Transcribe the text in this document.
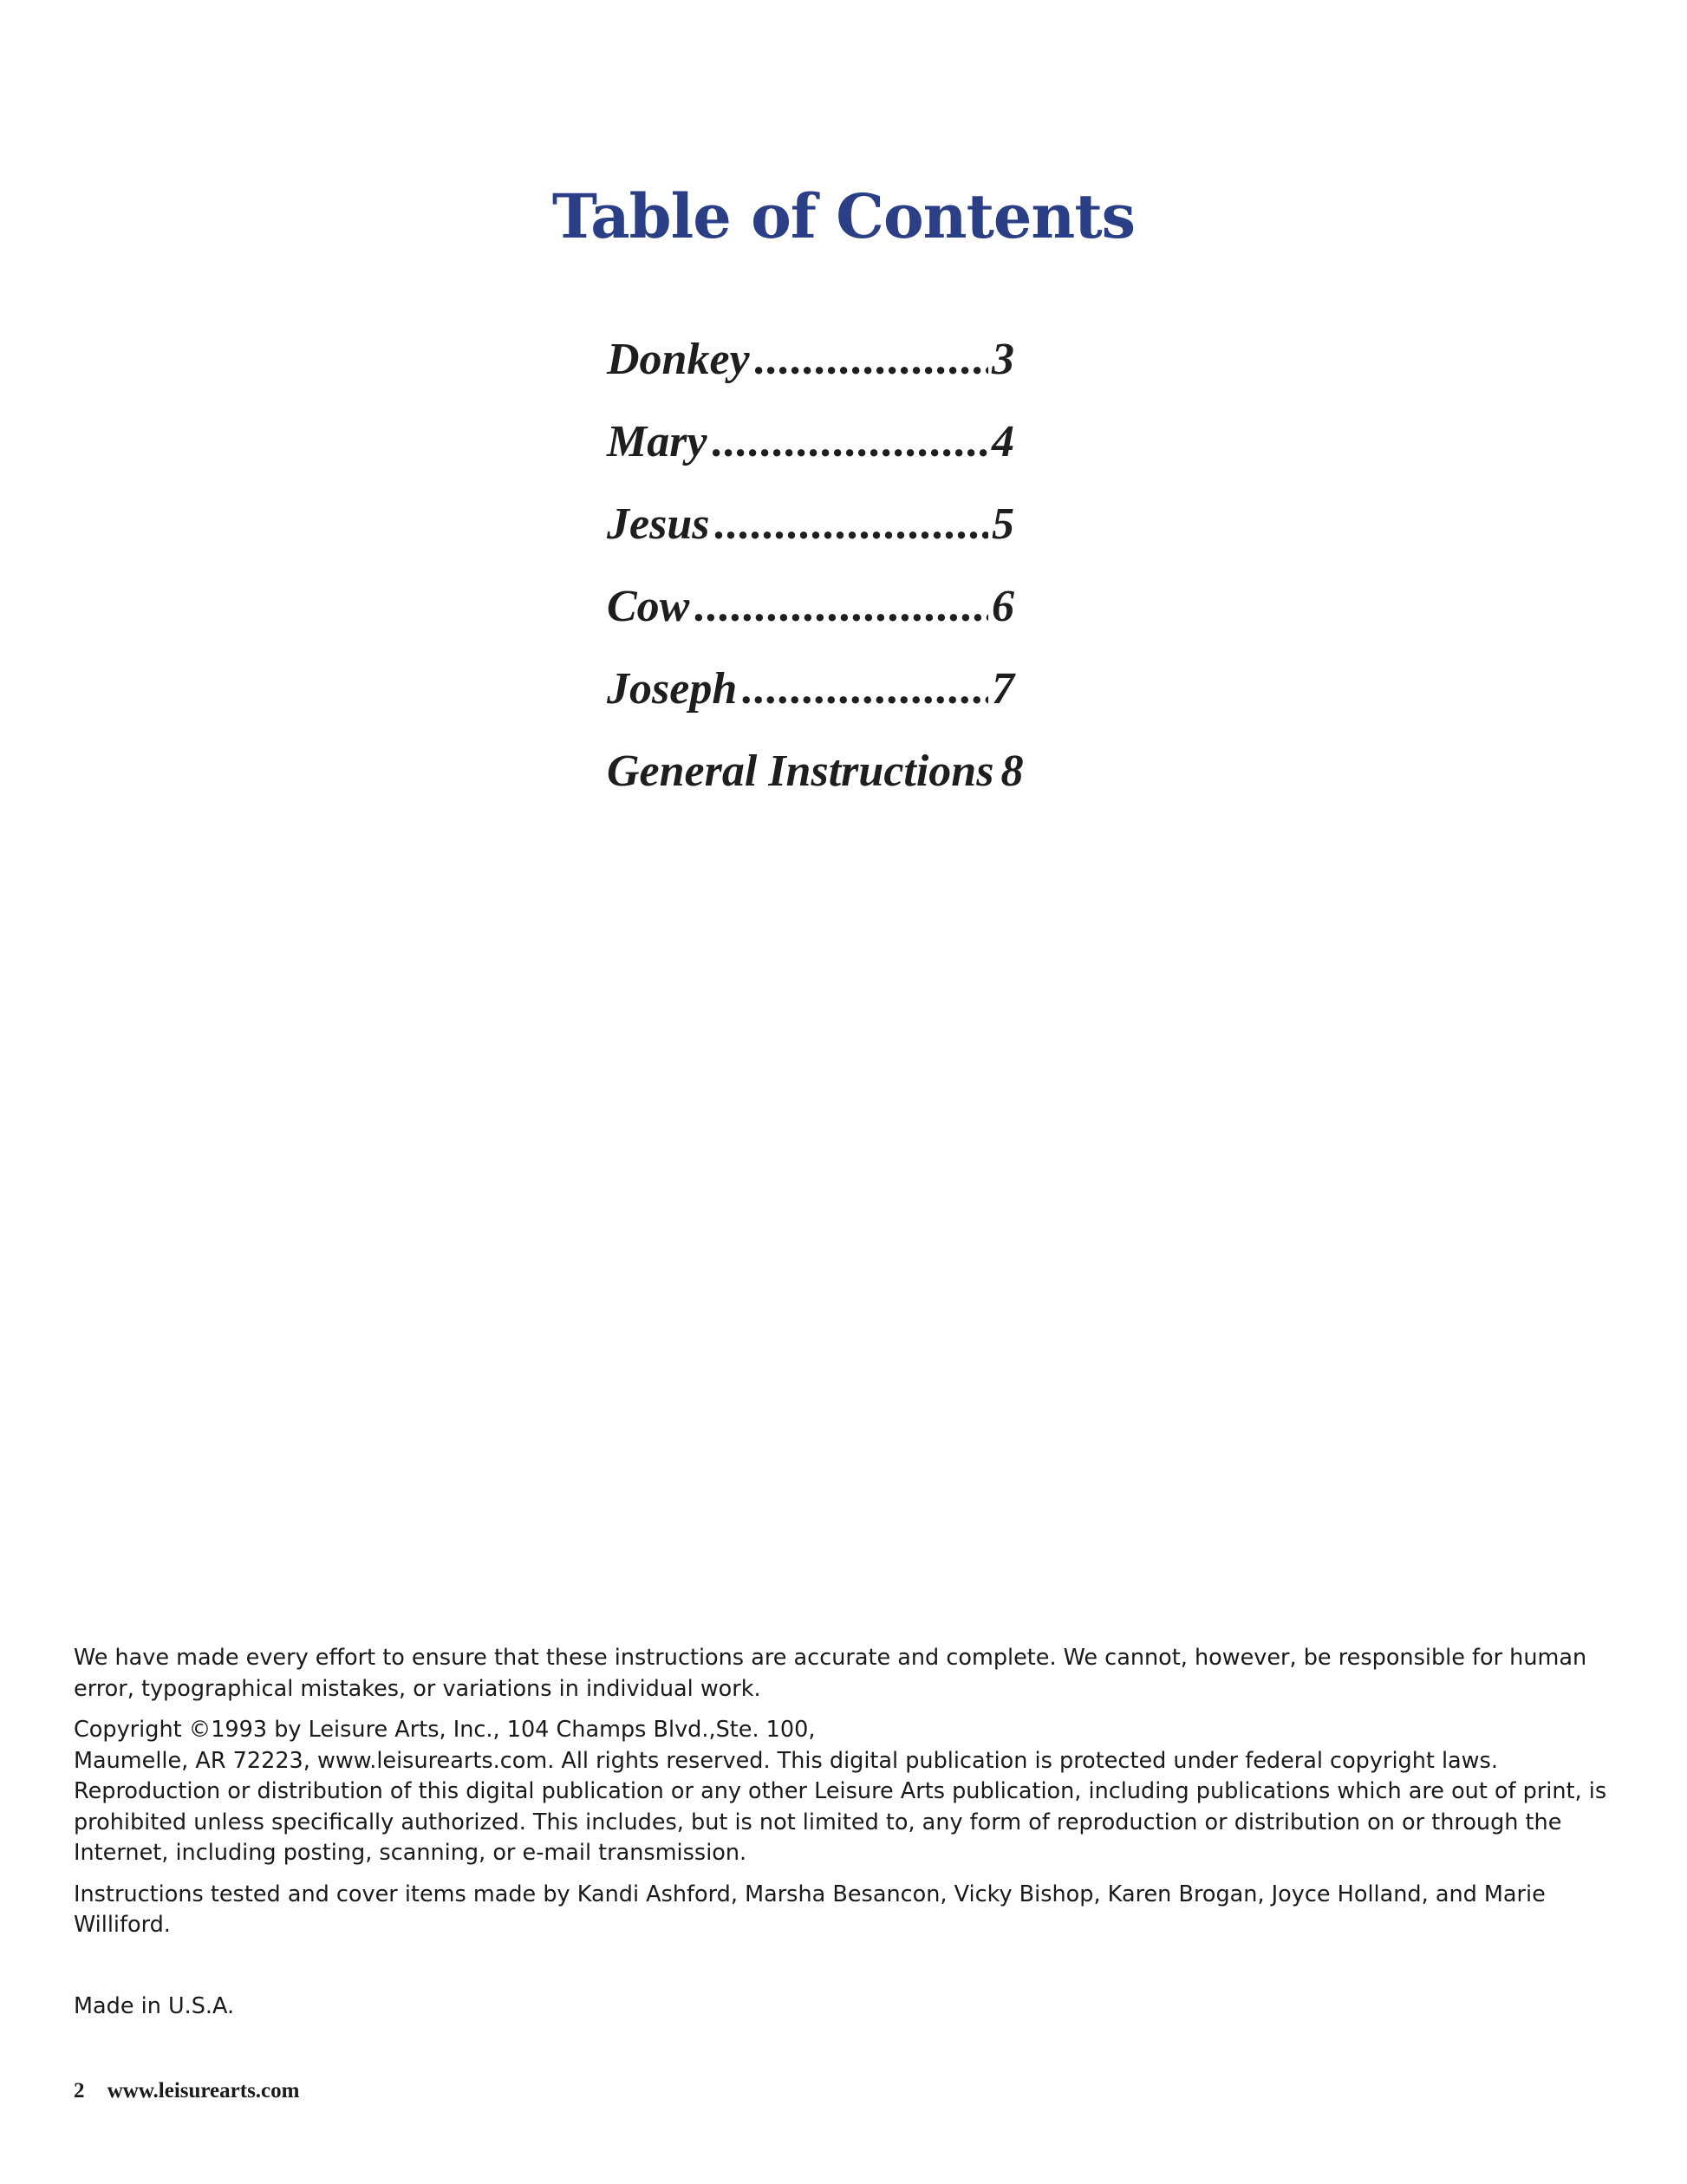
Table of Contents
Donkey .....	3
Mary .....	4
Jesus .....	5
Cow .....	6
Joseph .....	7
General Instructions 8

We have made every effort to ensure that these instructions are accurate and complete. We cannot, however, be responsible for human error, typographical mistakes, or variations in individual work.

Copyright ©1993 by Leisure Arts, Inc., 104 Champs Blvd.,Ste. 100,
Maumelle, AR 72223, www.leisurearts.com. All rights reserved. This digital publication is protected under federal copyright laws. Reproduction or distribution of this digital publication or any other Leisure Arts publication, including publications which are out of print, is prohibited unless specifically authorized. This includes, but is not limited to, any form of reproduction or distribution on or through the Internet, including posting, scanning, or e-mail transmission.

Instructions tested and cover items made by Kandi Ashford, Marsha Besancon, Vicky Bishop, Karen Brogan, Joyce Holland, and Marie Williford.

Made in U.S.A.

2 www.leisurearts.com
